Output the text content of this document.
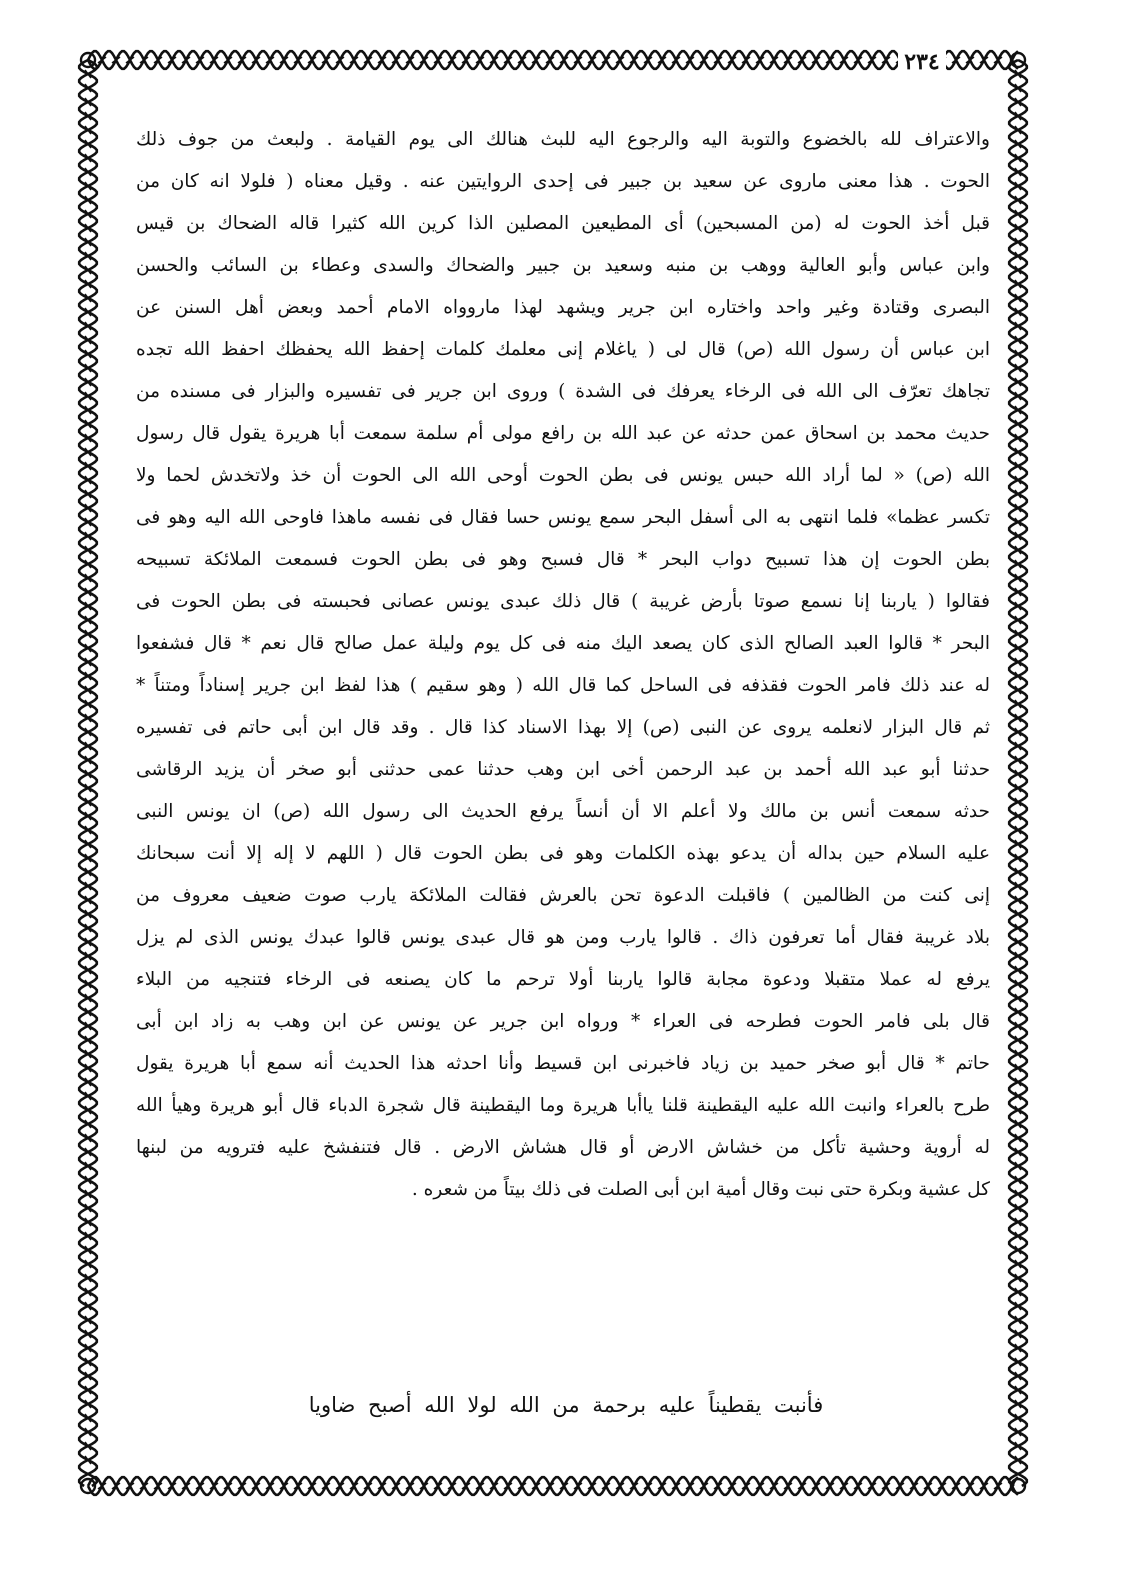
٢٣٤
والاعتراف لله بالخضوع والتوبة اليه والرجوع اليه للبث هنالك الى يوم القيامة . ولبعث من جوف ذلك
الحوت . هذا معنى ماروى عن سعيد بن جبير فى إحدى الروايتين عنه . وقيل معناه ( فلولا انه كان من
قبل أخذ الحوت له (من المسبحين) أى المطيعين المصلين الذا كرين الله كثيرا قاله الضحاك بن قيس
وابن عباس وأبو العالية ووهب بن منبه وسعيد بن جبير والضحاك والسدى وعطاء بن السائب والحسن
البصرى وقتادة وغير واحد واختاره ابن جرير ويشهد لهذا ماروواه الامام أحمد وبعض أهل السنن عن
ابن عباس أن رسول الله (ص) قال لى ( ياغلام إنى معلمك كلمات إحفظ الله يحفظك احفظ الله تجده
تجاهك تعرّف الى الله فى الرخاء يعرفك فى الشدة ) وروى ابن جرير فى تفسيره والبزار فى مسنده من
حديث محمد بن اسحاق عمن حدثه عن عبد الله بن رافع مولى أم سلمة سمعت أبا هريرة يقول قال رسول
الله (ص) « لما أراد الله حبس يونس فى بطن الحوت أوحى الله الى الحوت أن خذ ولاتخدش لحما ولا
تكسر عظما» فلما انتهى به الى أسفل البحر سمع يونس حسا فقال فى نفسه ماهذا فاوحى الله اليه وهو فى
بطن الحوت إن هذا تسبيح دواب البحر * قال فسبح وهو فى بطن الحوت فسمعت الملائكة تسبيحه
فقالوا ( ياربنا إنا نسمع صوتا بأرض غريبة ) قال ذلك عبدى يونس عصانى فحبسته فى بطن الحوت فى
البحر * قالوا العبد الصالح الذى كان يصعد اليك منه فى كل يوم وليلة عمل صالح قال نعم * قال فشفعوا
له عند ذلك فامر الحوت فقذفه فى الساحل كما قال الله ( وهو سقيم ) هذا لفظ ابن جرير إسناداً ومتناً *
ثم قال البزار لانعلمه يروى عن النبى (ص) إلا بهذا الاسناد كذا قال . وقد قال ابن أبى حاتم فى تفسيره
حدثنا أبو عبد الله أحمد بن عبد الرحمن أخى ابن وهب حدثنا عمى حدثنى أبو صخر أن يزيد الرقاشى
حدثه سمعت أنس بن مالك ولا أعلم الا أن أنساً يرفع الحديث الى رسول الله (ص) ان يونس النبى
عليه السلام حين بداله أن يدعو بهذه الكلمات وهو فى بطن الحوت قال ( اللهم لا إله إلا أنت سبحانك
إنى كنت من الظالمين ) فاقبلت الدعوة تحن بالعرش فقالت الملائكة يارب صوت ضعيف معروف من
بلاد غريبة فقال أما تعرفون ذاك . قالوا يارب ومن هو قال عبدى يونس قالوا عبدك يونس الذى لم يزل
يرفع له عملا متقبلا ودعوة مجابة قالوا ياربنا أولا ترحم ما كان يصنعه فى الرخاء فتنجيه من البلاء
قال بلى فامر الحوت فطرحه فى العراء * ورواه ابن جرير عن يونس عن ابن وهب به زاد ابن أبى
حاتم * قال أبو صخر حميد بن زياد فاخبرنى ابن قسيط وأنا احدثه هذا الحديث أنه سمع أبا هريرة يقول
طرح بالعراء وانبت الله عليه اليقطينة قلنا ياأبا هريرة وما اليقطينة قال شجرة الدباء قال أبو هريرة وهيأ الله
له أروية وحشية تأكل من خشاش الارض أو قال هشاش الارض . قال فتنفشخ عليه فترويه من لبنها
كل عشية وبكرة حتى نبت وقال أمية ابن أبى الصلت فى ذلك بيتاً من شعره .
فأنبت يقطيناً عليه برحمة من الله لولا الله أصبح ضاويا
